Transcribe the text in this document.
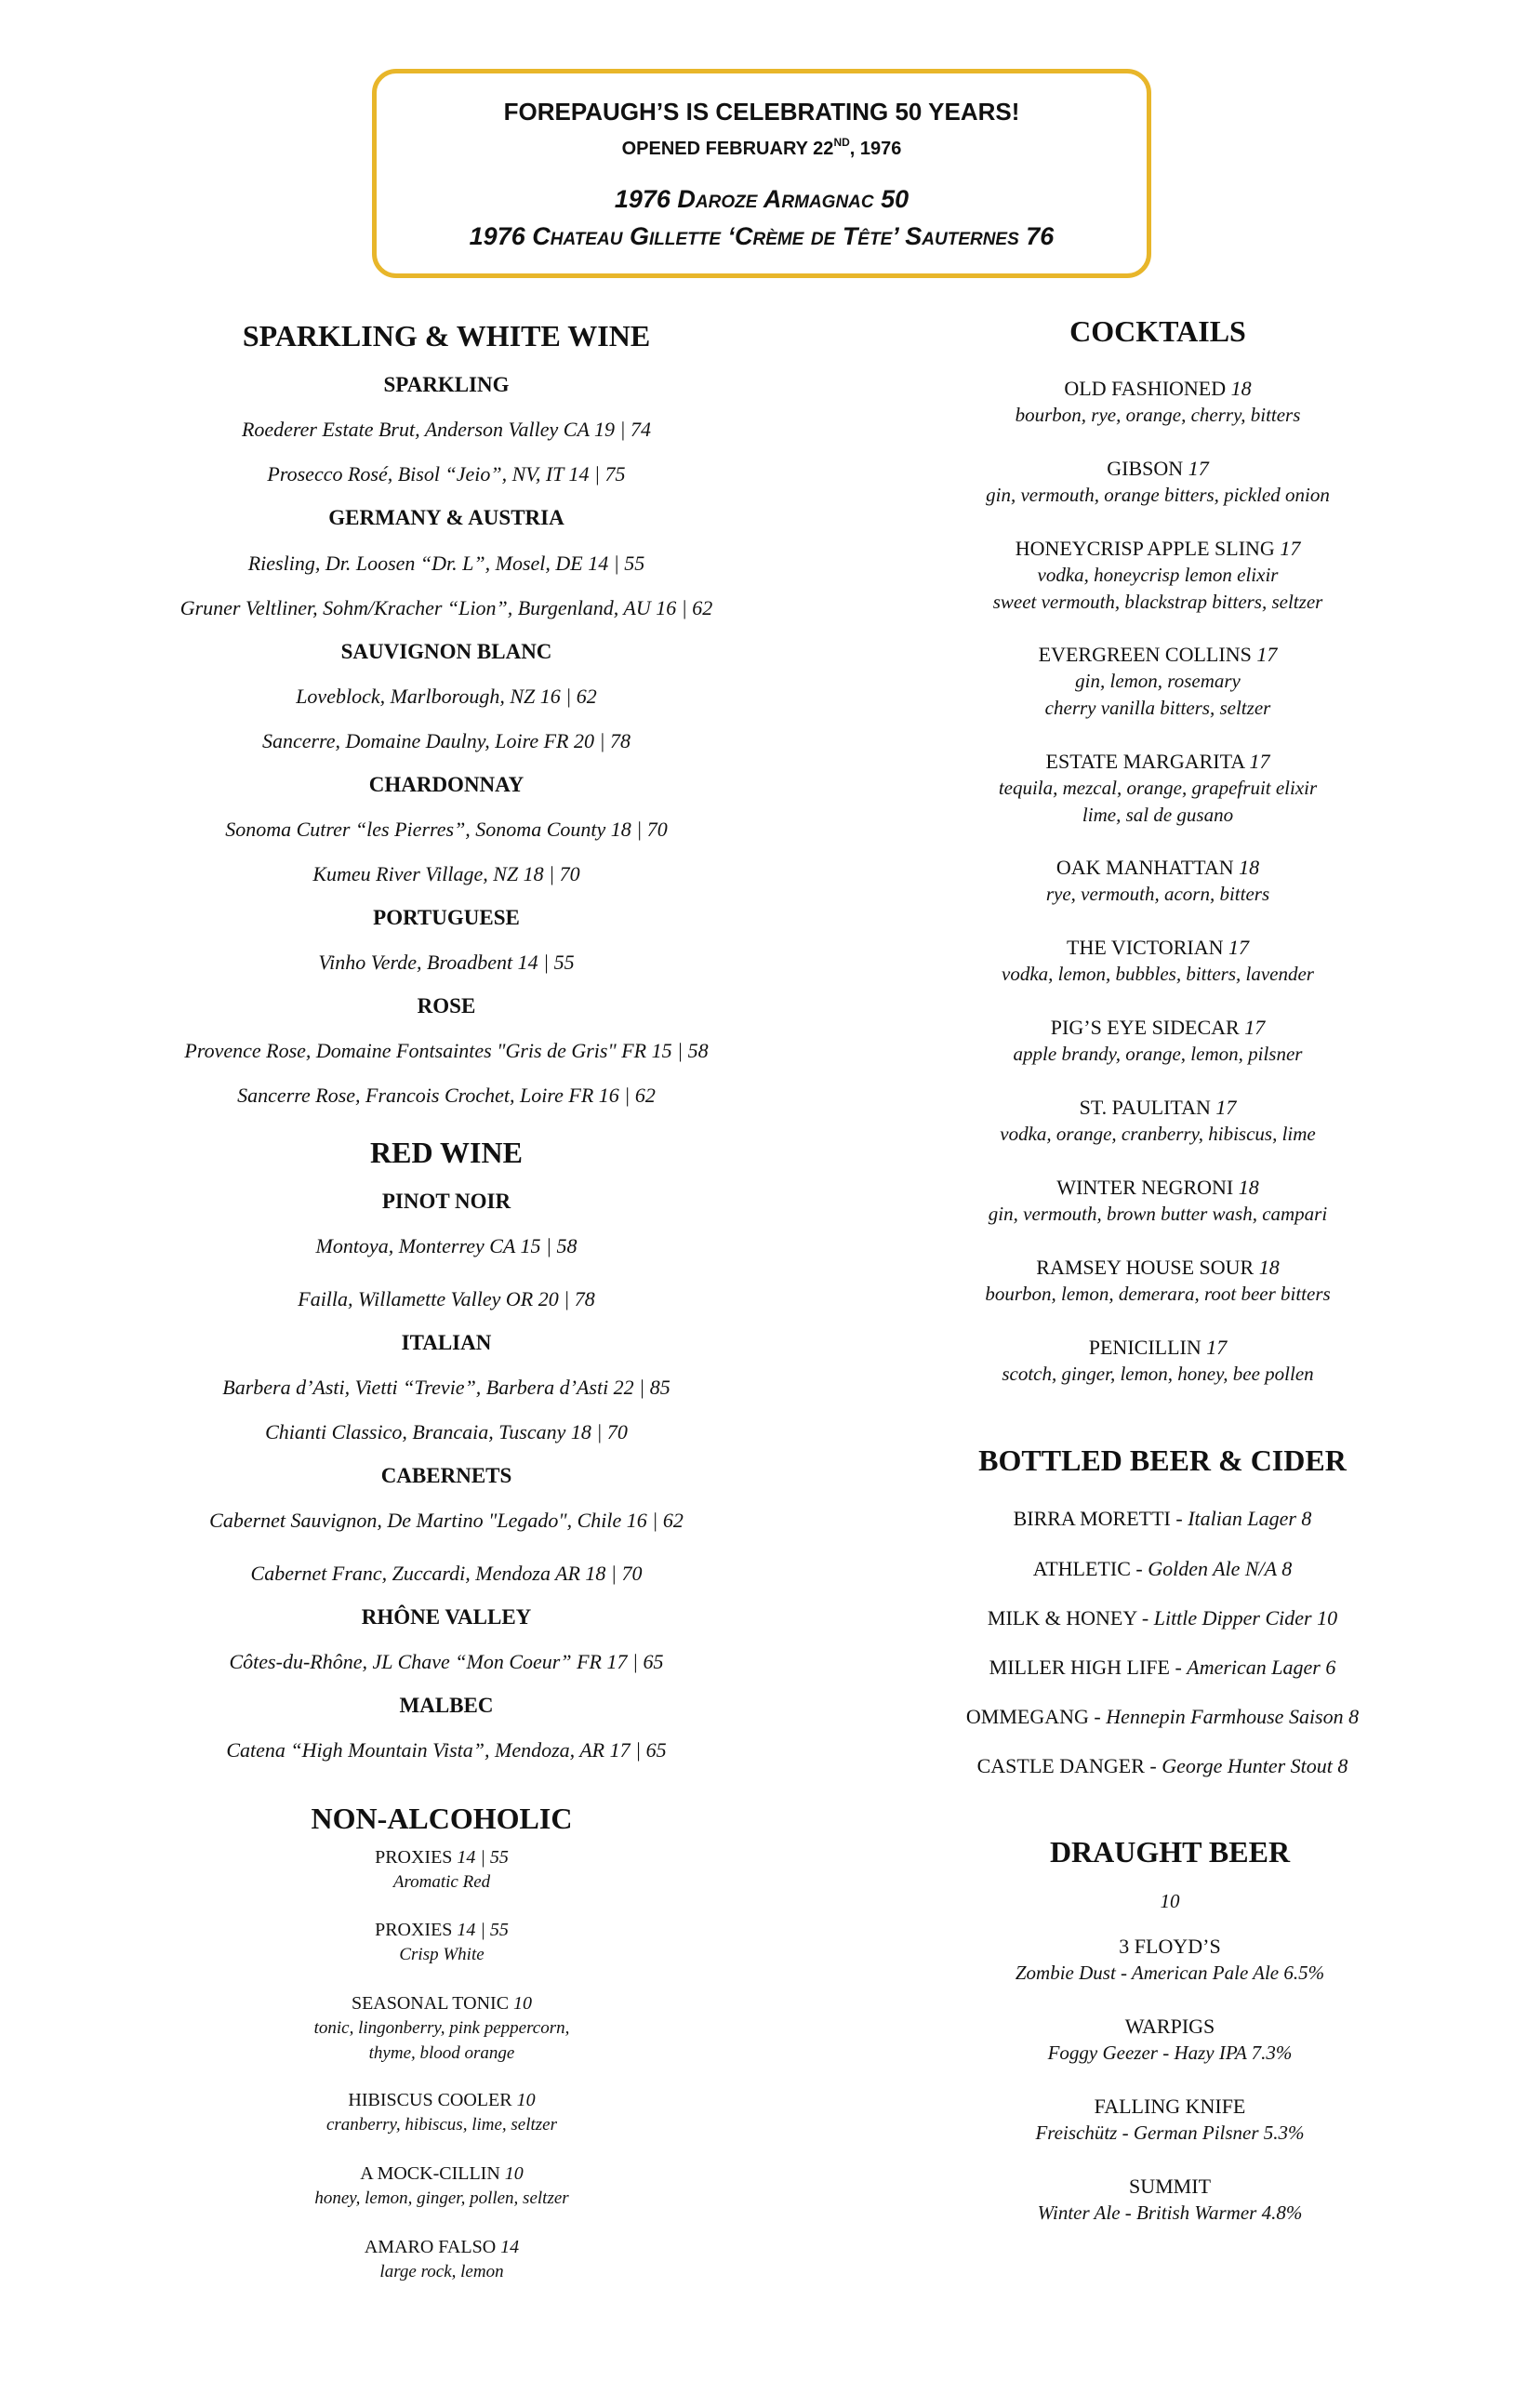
FOREPAUGH’S IS CELEBRATING 50 YEARS!
OPENED FEBRUARY 22ND, 1976
1976 Daroze Armagnac 50
1976 Chateau Gillette ‘Crème de Tête’ Sauternes 76
SPARKLING & WHITE WINE
SPARKLING
Roederer Estate Brut, Anderson Valley CA 19 | 74
Prosecco Rosé, Bisol “Jeio”, NV, IT 14 | 75
GERMANY & AUSTRIA
Riesling, Dr. Loosen “Dr. L”, Mosel, DE 14 | 55
Gruner Veltliner, Sohm/Kracher “Lion”, Burgenland, AU 16 | 62
SAUVIGNON BLANC
Loveblock, Marlborough, NZ 16 | 62
Sancerre, Domaine Daulny, Loire FR 20 | 78
CHARDONNAY
Sonoma Cutrer “les Pierres”, Sonoma County 18 | 70
Kumeu River Village, NZ 18 | 70
PORTUGUESE
Vinho Verde, Broadbent 14 | 55
ROSE
Provence Rose, Domaine Fontsaintes "Gris de Gris" FR 15 | 58
Sancerre Rose, Francois Crochet, Loire FR 16 | 62
RED WINE
PINOT NOIR
Montoya, Monterrey CA 15 | 58
Failla, Willamette Valley OR 20 | 78
ITALIAN
Barbera d’Asti, Vietti “Trevie”, Barbera d’Asti 22 | 85
Chianti Classico, Brancaia, Tuscany 18 | 70
CABERNETS
Cabernet Sauvignon, De Martino "Legado", Chile 16 | 62
Cabernet Franc, Zuccardi, Mendoza AR 18 | 70
RHÔNE VALLEY
Côtes-du-Rhône, JL Chave “Mon Coeur” FR 17 | 65
MALBEC
Catena “High Mountain Vista”, Mendoza, AR 17 | 65
NON-ALCOHOLIC
PROXIES 14 | 55
Aromatic Red
PROXIES 14 | 55
Crisp White
SEASONAL TONIC 10
tonic, lingonberry, pink peppercorn,
thyme, blood orange
HIBISCUS COOLER 10
cranberry, hibiscus, lime, seltzer
A MOCK-CILLIN 10
honey, lemon, ginger, pollen, seltzer
AMARO FALSO 14
large rock, lemon
COCKTAILS
OLD FASHIONED 18
bourbon, rye, orange, cherry, bitters
GIBSON 17
gin, vermouth, orange bitters, pickled onion
HONEYCRISP APPLE SLING 17
vodka, honeycrisp lemon elixir
sweet vermouth, blackstrap bitters, seltzer
EVERGREEN COLLINS 17
gin, lemon, rosemary
cherry vanilla bitters, seltzer
ESTATE MARGARITA 17
tequila, mezcal, orange, grapefruit elixir
lime, sal de gusano
OAK MANHATTAN 18
rye, vermouth, acorn, bitters
THE VICTORIAN 17
vodka, lemon, bubbles, bitters, lavender
PIG’S EYE SIDECAR 17
apple brandy, orange, lemon, pilsner
ST. PAULITAN 17
vodka, orange, cranberry, hibiscus, lime
WINTER NEGRONI 18
gin, vermouth, brown butter wash, campari
RAMSEY HOUSE SOUR 18
bourbon, lemon, demerara, root beer bitters
PENICILLIN 17
scotch, ginger, lemon, honey, bee pollen
BOTTLED BEER & CIDER
BIRRA MORETTI - Italian Lager 8
ATHLETIC - Golden Ale N/A 8
MILK & HONEY - Little Dipper Cider 10
MILLER HIGH LIFE - American Lager 6
OMMEGANG - Hennepin Farmhouse Saison 8
CASTLE DANGER - George Hunter Stout 8
DRAUGHT BEER
10
3 FLOYD’S
Zombie Dust - American Pale Ale 6.5%
WARPIGS
Foggy Geezer - Hazy IPA 7.3%
FALLING KNIFE
Freischütz - German Pilsner 5.3%
SUMMIT
Winter Ale - British Warmer 4.8%
